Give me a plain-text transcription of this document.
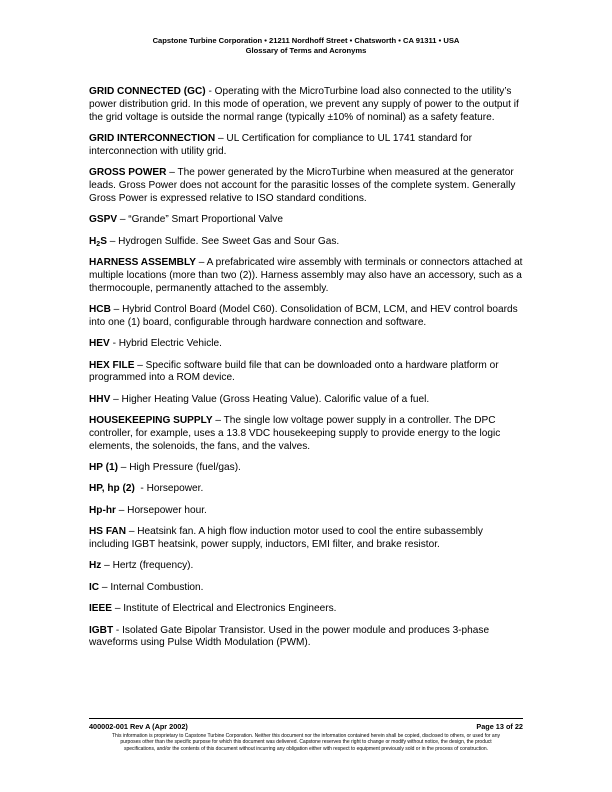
Capstone Turbine Corporation • 21211 Nordhoff Street • Chatsworth • CA 91311 • USA
Glossary of Terms and Acronyms

GRID CONNECTED (GC) - Operating with the MicroTurbine load also connected to the utility’s power distribution grid. In this mode of operation, we prevent any supply of power to the output if the grid voltage is outside the normal range (typically ±10% of nominal) as a safety feature.

GRID INTERCONNECTION – UL Certification for compliance to UL 1741 standard for interconnection with utility grid.

GROSS POWER – The power generated by the MicroTurbine when measured at the generator leads. Gross Power does not account for the parasitic losses of the complete system. Generally Gross Power is expressed relative to ISO standard conditions.

GSPV – “Grande” Smart Proportional Valve

$H_2S$ – Hydrogen Sulfide. See Sweet Gas and Sour Gas.

HARNESS ASSEMBLY – A prefabricated wire assembly with terminals or connectors attached at multiple locations (more than two (2)). Harness assembly may also have an accessory, such as a thermocouple, permanently attached to the assembly.

HCB – Hybrid Control Board (Model C60). Consolidation of BCM, LCM, and HEV control boards into one (1) board, configurable through hardware connection and software.

HEV - Hybrid Electric Vehicle.

HEX FILE – Specific software build file that can be downloaded onto a hardware platform or programmed into a ROM device.

HHV – Higher Heating Value (Gross Heating Value). Calorific value of a fuel.

HOUSEKEEPING SUPPLY – The single low voltage power supply in a controller. The DPC controller, for example, uses a 13.8 VDC housekeeping supply to provide energy to the logic elements, the solenoids, the fans, and the valves.

HP (1) – High Pressure (fuel/gas).

HP, hp (2)  - Horsepower.

Hp-hr – Horsepower hour.

HS FAN – Heatsink fan. A high flow induction motor used to cool the entire subassembly including IGBT heatsink, power supply, inductors, EMI filter, and brake resistor.

Hz – Hertz (frequency).

IC – Internal Combustion.

IEEE – Institute of Electrical and Electronics Engineers.

IGBT - Isolated Gate Bipolar Transistor. Used in the power module and produces 3-phase waveforms using Pulse Width Modulation (PWM).

400002-001 Rev A (Apr 2002)	Page 13 of 22
This information is proprietary to Capstone Turbine Corporation. Neither this document nor the information contained herein shall be copied, disclosed to others, or used for any
purposes other than the specific purpose for which this document was delivered. Capstone reserves the right to change or modify without notice, the design, the product
specifications, and/or the contents of this document without incurring any obligation either with respect to equipment previously sold or in the process of construction.
